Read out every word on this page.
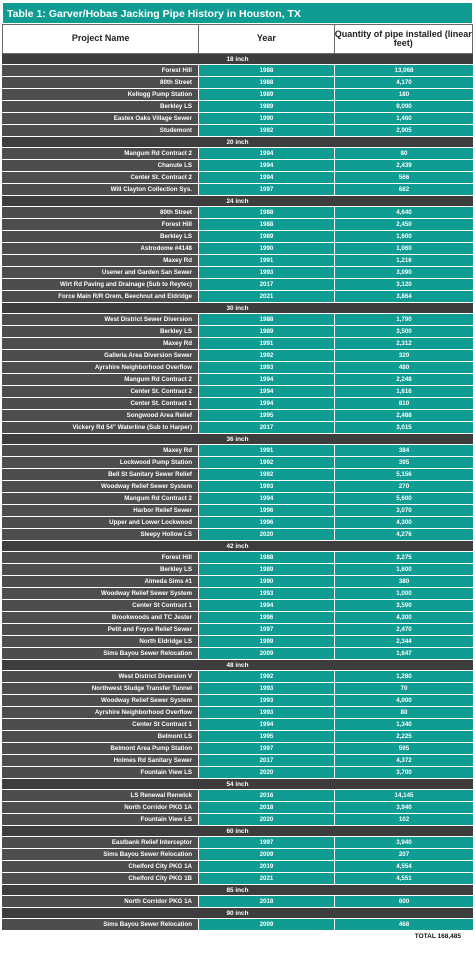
Table 1: Garver/Hobas Jacking Pipe History in Houston, TX
Project Name	Year	Quantity of pipe installed (linear feet)
18 inch
Forest Hill	1988	13,068
80th Street	1988	4,170
Kellogg Pump Station	1989	180
Berkley LS	1989	9,090
Eastex Oaks Village Sewer	1990	1,460
Studemont	1992	2,905
20 inch
Mangum Rd Contract 2	1994	80
Chanute LS	1994	2,439
Center St. Contract 2	1994	566
Will Clayton Collection Sys.	1997	682
24 inch
80th Street	1988	4,640
Forest Hill	1988	2,450
Berkley LS	1989	1,600
Astrodome #4148	1990	1,060
Maxey Rd	1991	1,216
Usener and Garden San Sewer	1993	3,090
Wirt Rd Paving and Drainage (Sub to Reytec)	2017	3,120
Force Main R/R Orem, Beechnut and Eldridge	2021	3,864
30 inch
West District Sewer Diversion	1988	1,790
Berkley LS	1989	3,500
Maxey Rd	1991	2,312
Galleria Area Diversion Sewer	1992	320
Ayrshire Neighborhood Overflow	1993	480
Mangum Rd Contract 2	1994	2,248
Center St. Contract 2	1994	1,616
Center St. Contract 1	1994	810
Songwood Area Relief	1995	2,488
Vickery Rd 54" Waterline (Sub to Harper)	2017	3,015
36 inch
Maxey Rd	1991	384
Lockwood Pump Station	1992	395
Bell St Sanitary Sewer Relief	1992	5,156
Woodway Relief Sewer System	1993	270
Mangum Rd Contract 2	1994	5,600
Harbor Relief Sewer	1996	3,070
Upper and Lower Lockwood	1996	4,300
Sleepy Hollow LS	2020	4,276
42 inch
Forest Hill	1988	3,275
Berkley LS	1989	1,600
Almeda Sims #1	1990	380
Woodway Relief Sewer System	1993	1,000
Center St Contract 1	1994	3,590
Brookwoods and TC Jester	1996	4,300
Petit and Foyce Relief Sewer	1997	2,470
North Eldridge LS	1999	2,344
Sims Bayou Sewer Relocation	2009	1,647
48 inch
West District Diversion V	1992	1,280
Northwest Sludge Transfer Tunnel	1993	70
Woodway Relief Sewer System	1993	4,000
Ayrshire Neighborhood Overflow	1993	80
Center St Contract 1	1994	1,340
Belmont LS	1995	2,225
Belmont Area Pump Station	1997	595
Holmes Rd Sanitary Sewer	2017	4,372
Fountain View LS	2020	3,700
54 inch
LS Renewal Renwick	2016	14,145
North Corridor PKG 1A	2018	3,940
Fountain View LS	2020	102
60 inch
Eastbank Relief Interceptor	1997	3,940
Sims Bayou Sewer Relocation	2009	207
Chelford City PKG 1A	2019	4,554
Chelford City PKG 1B	2021	4,551
85 inch
North Corridor PKG 1A	2018	600
90 inch
Sims Bayou Sewer Relocation	2009	468
TOTAL 168,485
